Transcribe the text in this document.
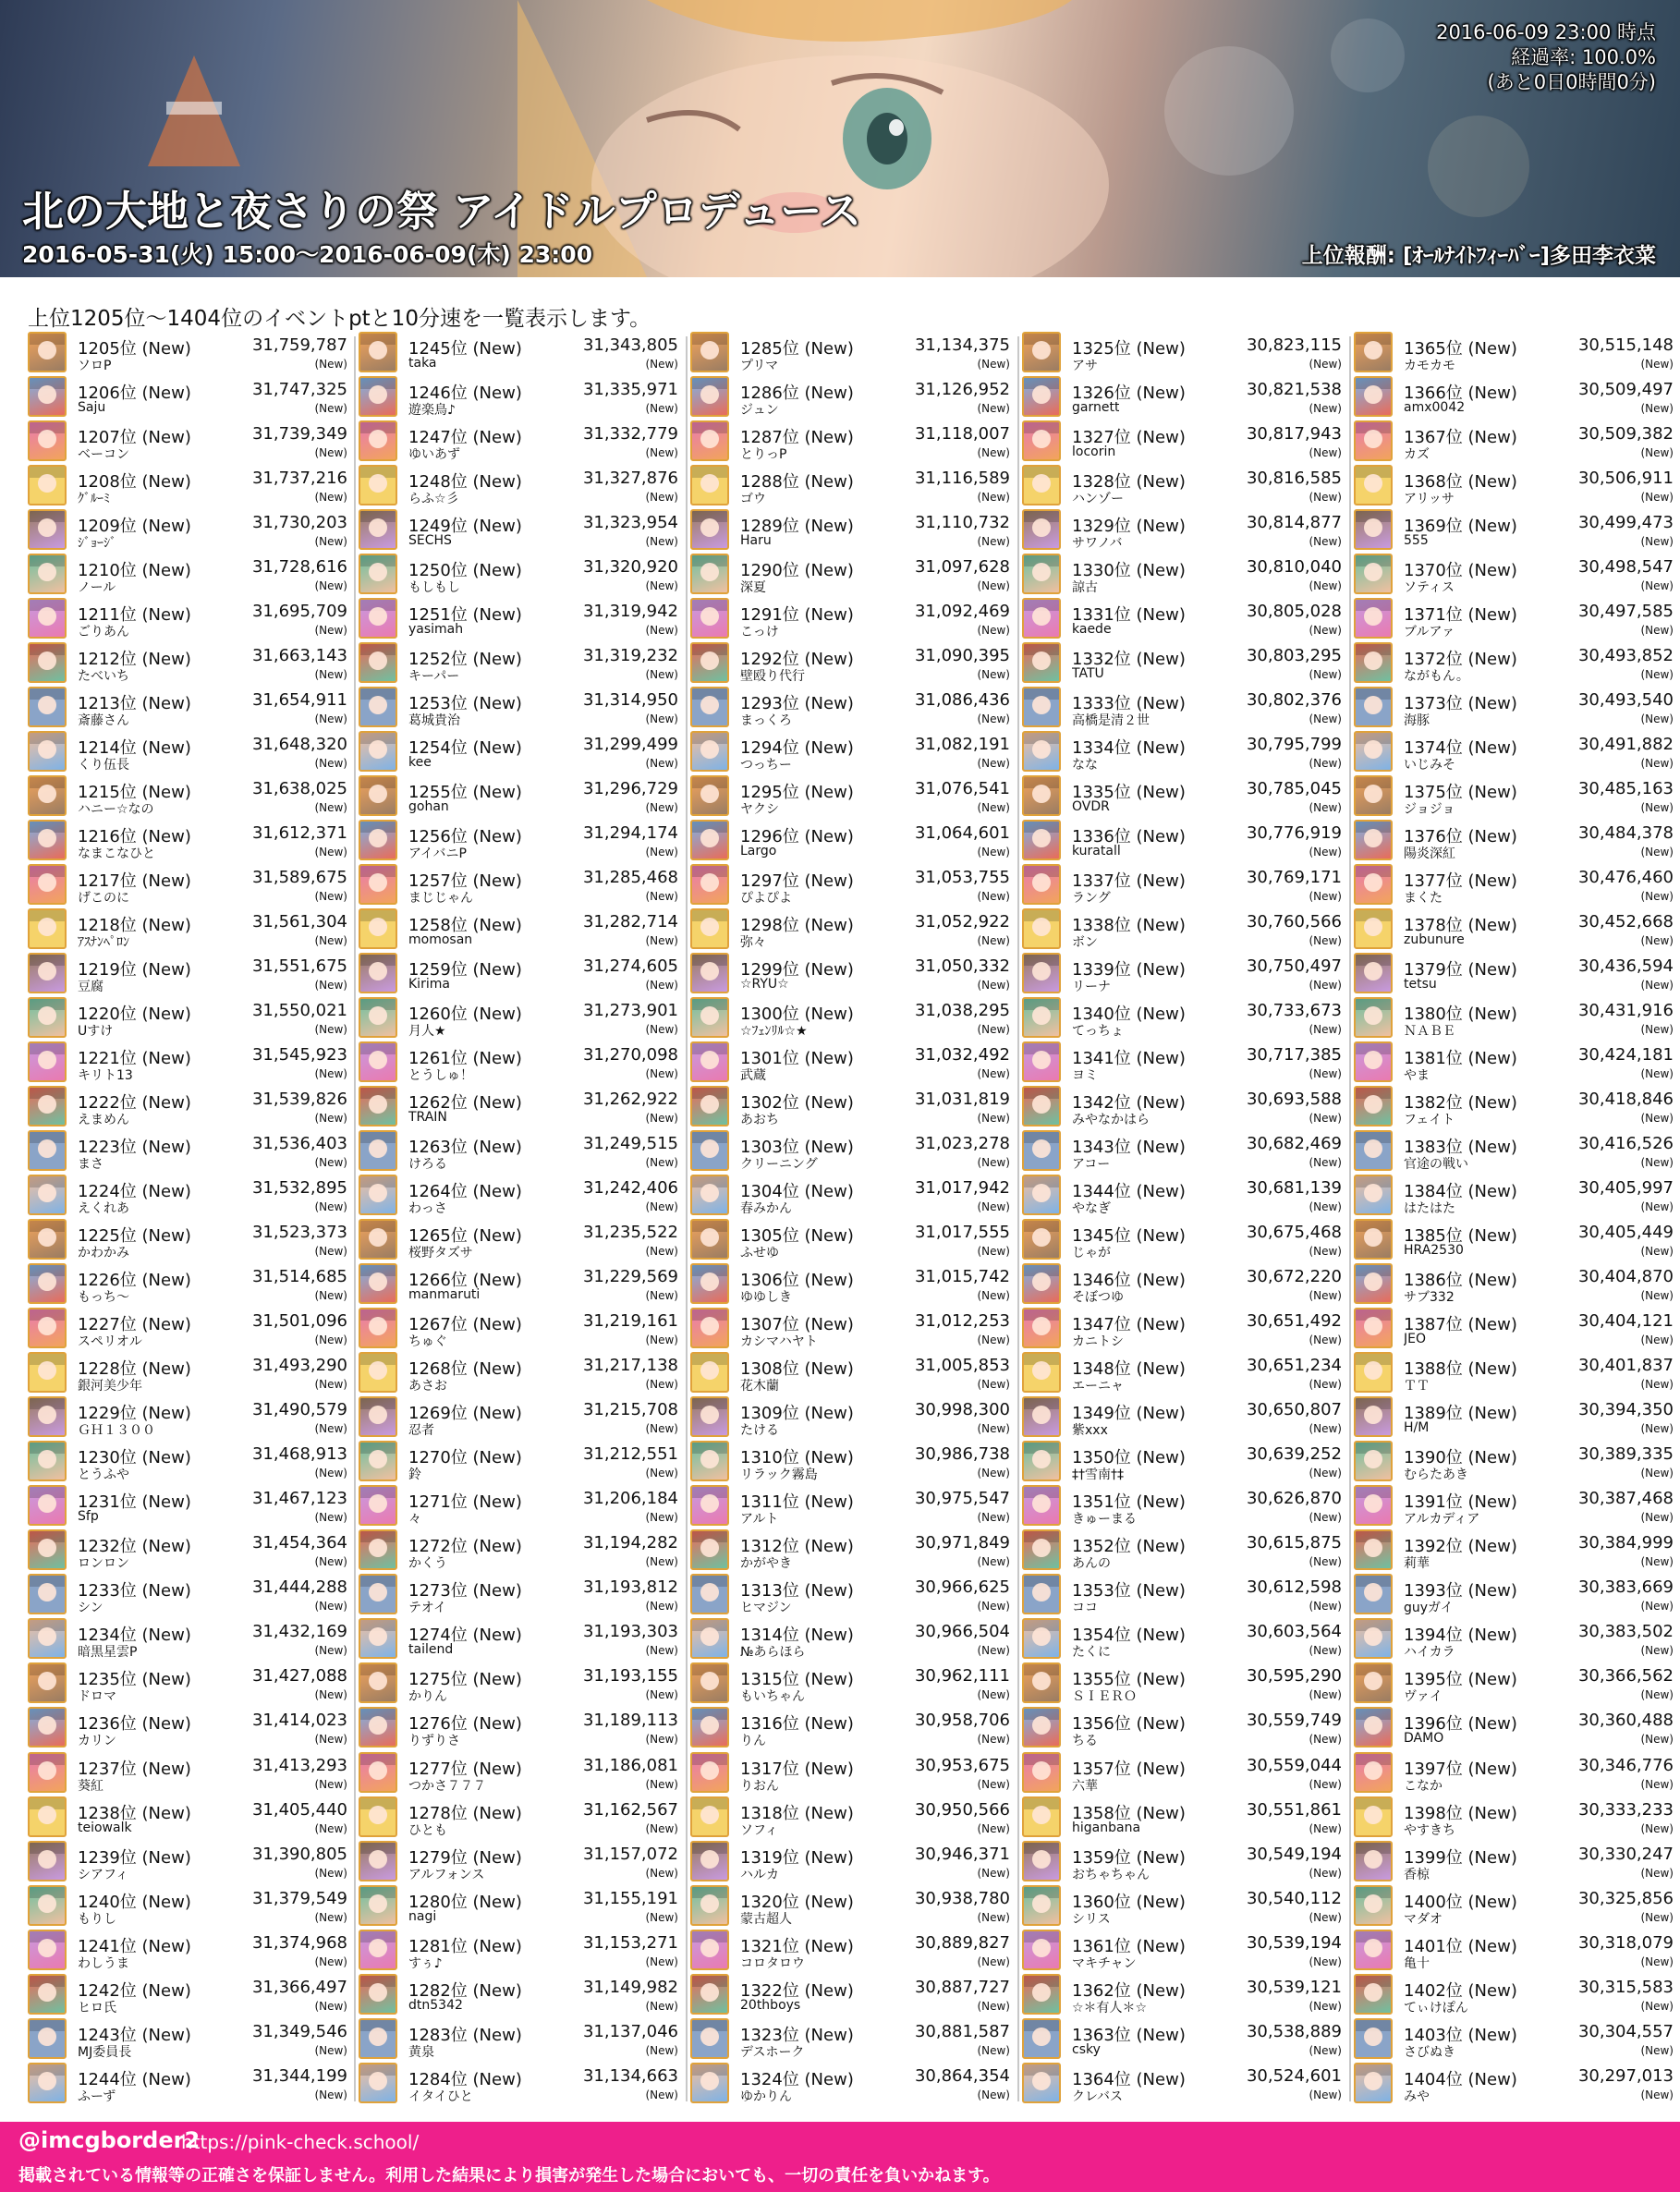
2016-06-09 23:00 時点
経過率: 100.0%
(あと0日0時間0分)
北の大地と夜さりの祭 アイドルプロデュース
2016-05-31(火) 15:00〜2016-06-09(木) 23:00	上位報酬: [ｵｰﾙﾅｲﾄﾌｨｰﾊﾞｰ]多田李衣菜
上位1205位〜1404位のイベントptと10分速を一覧表示します。
1205位 (New)	31,759,787
ソロP	(New)
1206位 (New)	31,747,325
Saju	(New)
1207位 (New)	31,739,349
ベーコン	(New)
1208位 (New)	31,737,216
ｸﾞﾙｰﾐ	(New)
1209位 (New)	31,730,203
ｼﾞｮｰｼﾞ	(New)
1210位 (New)	31,728,616
ノール	(New)
1211位 (New)	31,695,709
ごりあん	(New)
1212位 (New)	31,663,143
たべいち	(New)
1213位 (New)	31,654,911
斎藤さん	(New)
1214位 (New)	31,648,320
くり伍長	(New)
1215位 (New)	31,638,025
ハニー☆なの	(New)
1216位 (New)	31,612,371
なまこなひと	(New)
1217位 (New)	31,589,675
げこのに	(New)
1218位 (New)	31,561,304
ｱｽﾅﾝﾍﾟﾛﾝ	(New)
1219位 (New)	31,551,675
豆腐	(New)
1220位 (New)	31,550,021
Uすけ	(New)
1221位 (New)	31,545,923
キリト13	(New)
1222位 (New)	31,539,826
えまめん	(New)
1223位 (New)	31,536,403
まさ	(New)
1224位 (New)	31,532,895
えくれあ	(New)
1225位 (New)	31,523,373
かわかみ	(New)
1226位 (New)	31,514,685
もっち～	(New)
1227位 (New)	31,501,096
スペリオル	(New)
1228位 (New)	31,493,290
銀河美少年	(New)
1229位 (New)	31,490,579
ＧＨ１３００	(New)
1230位 (New)	31,468,913
とうふや	(New)
1231位 (New)	31,467,123
Sfp	(New)
1232位 (New)	31,454,364
ロンロン	(New)
1233位 (New)	31,444,288
シン	(New)
1234位 (New)	31,432,169
暗黒星雲P	(New)
1235位 (New)	31,427,088
ドロマ	(New)
1236位 (New)	31,414,023
カリン	(New)
1237位 (New)	31,413,293
葵紅	(New)
1238位 (New)	31,405,440
teiowalk	(New)
1239位 (New)	31,390,805
シアフィ	(New)
1240位 (New)	31,379,549
もりし	(New)
1241位 (New)	31,374,968
わしうま	(New)
1242位 (New)	31,366,497
ヒロ氏	(New)
1243位 (New)	31,349,546
MJ委員長	(New)
1244位 (New)	31,344,199
ふーず	(New)
1245位 (New)	31,343,805
taka	(New)
1246位 (New)	31,335,971
遊楽鳥♪	(New)
1247位 (New)	31,332,779
ゆいあず	(New)
1248位 (New)	31,327,876
らふ☆彡	(New)
1249位 (New)	31,323,954
SECHS	(New)
1250位 (New)	31,320,920
もしもし	(New)
1251位 (New)	31,319,942
yasimah	(New)
1252位 (New)	31,319,232
キーパー	(New)
1253位 (New)	31,314,950
葛城貴治	(New)
1254位 (New)	31,299,499
kee	(New)
1255位 (New)	31,296,729
gohan	(New)
1256位 (New)	31,294,174
アイバニP	(New)
1257位 (New)	31,285,468
まじじゃん	(New)
1258位 (New)	31,282,714
momosan	(New)
1259位 (New)	31,274,605
Kirima	(New)
1260位 (New)	31,273,901
月人★	(New)
1261位 (New)	31,270,098
とうしゅ！	(New)
1262位 (New)	31,262,922
TRAIN	(New)
1263位 (New)	31,249,515
けろる	(New)
1264位 (New)	31,242,406
わっさ	(New)
1265位 (New)	31,235,522
桜野タズサ	(New)
1266位 (New)	31,229,569
manmaruti	(New)
1267位 (New)	31,219,161
ちゅぐ	(New)
1268位 (New)	31,217,138
あさお	(New)
1269位 (New)	31,215,708
忍者	(New)
1270位 (New)	31,212,551
鈴	(New)
1271位 (New)	31,206,184
々	(New)
1272位 (New)	31,194,282
かくう	(New)
1273位 (New)	31,193,812
テオイ	(New)
1274位 (New)	31,193,303
tailend	(New)
1275位 (New)	31,193,155
かりん	(New)
1276位 (New)	31,189,113
りずりさ	(New)
1277位 (New)	31,186,081
つかさ７７７	(New)
1278位 (New)	31,162,567
ひとも	(New)
1279位 (New)	31,157,072
アルフォンス	(New)
1280位 (New)	31,155,191
nagi	(New)
1281位 (New)	31,153,271
すぅ♪	(New)
1282位 (New)	31,149,982
dtn5342	(New)
1283位 (New)	31,137,046
黄泉	(New)
1284位 (New)	31,134,663
イタイひと	(New)
1285位 (New)	31,134,375
プリマ	(New)
1286位 (New)	31,126,952
ジュン	(New)
1287位 (New)	31,118,007
とりっP	(New)
1288位 (New)	31,116,589
ゴウ	(New)
1289位 (New)	31,110,732
Haru	(New)
1290位 (New)	31,097,628
深夏	(New)
1291位 (New)	31,092,469
こっけ	(New)
1292位 (New)	31,090,395
壁殴り代行	(New)
1293位 (New)	31,086,436
まっくろ	(New)
1294位 (New)	31,082,191
つっちー	(New)
1295位 (New)	31,076,541
ヤクシ	(New)
1296位 (New)	31,064,601
Largo	(New)
1297位 (New)	31,053,755
ぴよぴよ	(New)
1298位 (New)	31,052,922
弥々	(New)
1299位 (New)	31,050,332
☆RYU☆	(New)
1300位 (New)	31,038,295
☆ﾌｪﾝﾘﾙ☆★	(New)
1301位 (New)	31,032,492
武蔵	(New)
1302位 (New)	31,031,819
あおち	(New)
1303位 (New)	31,023,278
クリーニング	(New)
1304位 (New)	31,017,942
春みかん	(New)
1305位 (New)	31,017,555
ふせゆ	(New)
1306位 (New)	31,015,742
ゆゆしき	(New)
1307位 (New)	31,012,253
カシマハヤト	(New)
1308位 (New)	31,005,853
花木蘭	(New)
1309位 (New)	30,998,300
たける	(New)
1310位 (New)	30,986,738
リラック霧島	(New)
1311位 (New)	30,975,547
アルト	(New)
1312位 (New)	30,971,849
かがやき	(New)
1313位 (New)	30,966,625
ヒマジン	(New)
1314位 (New)	30,966,504
№あらほら	(New)
1315位 (New)	30,962,111
もいちゃん	(New)
1316位 (New)	30,958,706
りん	(New)
1317位 (New)	30,953,675
りおん	(New)
1318位 (New)	30,950,566
ソフィ	(New)
1319位 (New)	30,946,371
ハルカ	(New)
1320位 (New)	30,938,780
蒙古超人	(New)
1321位 (New)	30,889,827
コロタロウ	(New)
1322位 (New)	30,887,727
20thboys	(New)
1323位 (New)	30,881,587
デスホーク	(New)
1324位 (New)	30,864,354
ゆかりん	(New)
1325位 (New)	30,823,115
アサ	(New)
1326位 (New)	30,821,538
garnett	(New)
1327位 (New)	30,817,943
locorin	(New)
1328位 (New)	30,816,585
ハンゾー	(New)
1329位 (New)	30,814,877
サワノバ	(New)
1330位 (New)	30,810,040
諒古	(New)
1331位 (New)	30,805,028
kaede	(New)
1332位 (New)	30,803,295
TATU	(New)
1333位 (New)	30,802,376
高橋是清２世	(New)
1334位 (New)	30,795,799
なな	(New)
1335位 (New)	30,785,045
OVDR	(New)
1336位 (New)	30,776,919
kuratall	(New)
1337位 (New)	30,769,171
ラング	(New)
1338位 (New)	30,760,566
ボン	(New)
1339位 (New)	30,750,497
リーナ	(New)
1340位 (New)	30,733,673
てっちょ	(New)
1341位 (New)	30,717,385
ヨミ	(New)
1342位 (New)	30,693,588
みやなかはら	(New)
1343位 (New)	30,682,469
アコー	(New)
1344位 (New)	30,681,139
やなぎ	(New)
1345位 (New)	30,675,468
じゃが	(New)
1346位 (New)	30,672,220
そぼつゆ	(New)
1347位 (New)	30,651,492
カニトシ	(New)
1348位 (New)	30,651,234
エーニャ	(New)
1349位 (New)	30,650,807
紫xxx	(New)
1350位 (New)	30,639,252
‡†雪南†‡	(New)
1351位 (New)	30,626,870
きゅーまる	(New)
1352位 (New)	30,615,875
あんの	(New)
1353位 (New)	30,612,598
ココ	(New)
1354位 (New)	30,603,564
たくに	(New)
1355位 (New)	30,595,290
ＳＩＥＲＯ	(New)
1356位 (New)	30,559,749
ちる	(New)
1357位 (New)	30,559,044
六華	(New)
1358位 (New)	30,551,861
higanbana	(New)
1359位 (New)	30,549,194
おちゃちゃん	(New)
1360位 (New)	30,540,112
シリス	(New)
1361位 (New)	30,539,194
マキチャン	(New)
1362位 (New)	30,539,121
☆＊有人＊☆	(New)
1363位 (New)	30,538,889
csky	(New)
1364位 (New)	30,524,601
クレバス	(New)
1365位 (New)	30,515,148
カモカモ	(New)
1366位 (New)	30,509,497
amx0042	(New)
1367位 (New)	30,509,382
カズ	(New)
1368位 (New)	30,506,911
アリッサ	(New)
1369位 (New)	30,499,473
555	(New)
1370位 (New)	30,498,547
ソティス	(New)
1371位 (New)	30,497,585
ブルアァ	(New)
1372位 (New)	30,493,852
ながもん。	(New)
1373位 (New)	30,493,540
海豚	(New)
1374位 (New)	30,491,882
いじみそ	(New)
1375位 (New)	30,485,163
ジョジョ	(New)
1376位 (New)	30,484,378
陽炎深紅	(New)
1377位 (New)	30,476,460
まくた	(New)
1378位 (New)	30,452,668
zubunure	(New)
1379位 (New)	30,436,594
tetsu	(New)
1380位 (New)	30,431,916
ＮＡＢＥ	(New)
1381位 (New)	30,424,181
やま	(New)
1382位 (New)	30,418,846
フェイト	(New)
1383位 (New)	30,416,526
官途の戦い	(New)
1384位 (New)	30,405,997
はたはた	(New)
1385位 (New)	30,405,449
HRA2530	(New)
1386位 (New)	30,404,870
サブ332	(New)
1387位 (New)	30,404,121
JEO	(New)
1388位 (New)	30,401,837
ＴＴ	(New)
1389位 (New)	30,394,350
H/M	(New)
1390位 (New)	30,389,335
むらたあき	(New)
1391位 (New)	30,387,468
アルカディア	(New)
1392位 (New)	30,384,999
莉華	(New)
1393位 (New)	30,383,669
guyガイ	(New)
1394位 (New)	30,383,502
ハイカラ	(New)
1395位 (New)	30,366,562
ヴァイ	(New)
1396位 (New)	30,360,488
DAMO	(New)
1397位 (New)	30,346,776
こなか	(New)
1398位 (New)	30,333,233
やすきち	(New)
1399位 (New)	30,330,247
香椋	(New)
1400位 (New)	30,325,856
マダオ	(New)
1401位 (New)	30,318,079
亀十	(New)
1402位 (New)	30,315,583
てぃけぽん	(New)
1403位 (New)	30,304,557
さびぬき	(New)
1404位 (New)	30,297,013
みや	(New)
@imcgborder2
https://pink-check.school/
掲載されている情報等の正確さを保証しません。利用した結果により損害が発生した場合においても、一切の責任を負いかねます。
